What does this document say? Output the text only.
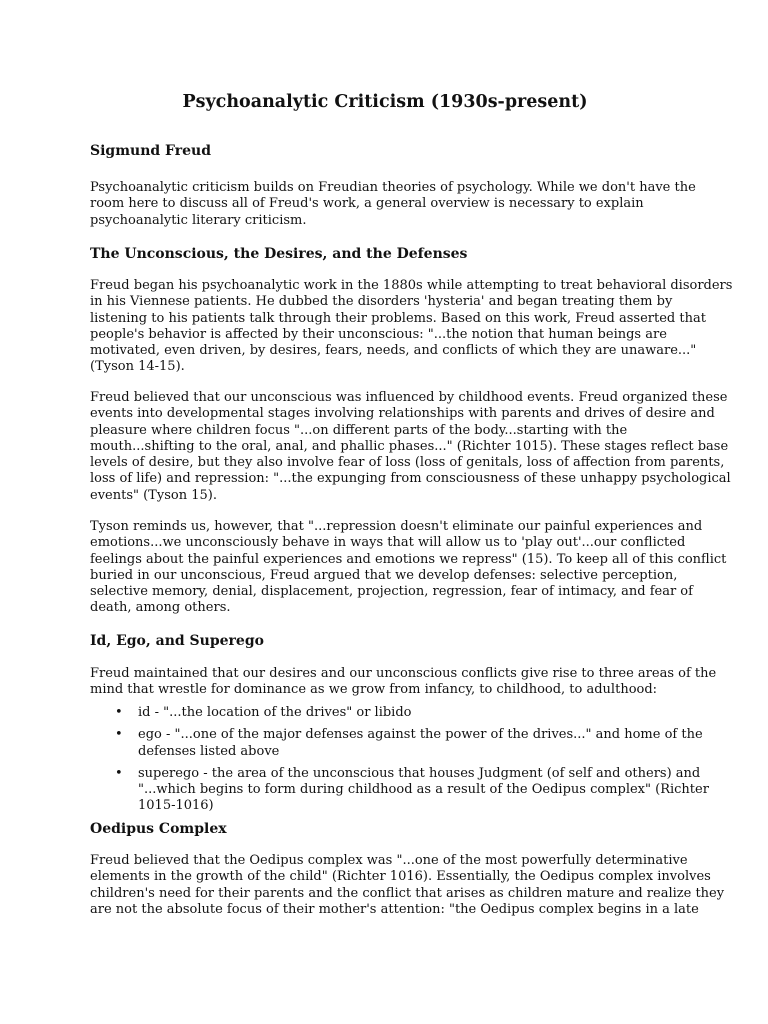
Psychoanalytic Criticism (1930s-present)
Sigmund Freud

Psychoanalytic criticism builds on Freudian theories of psychology. While we don't have the
room here to discuss all of Freud's work, a general overview is necessary to explain
psychoanalytic literary criticism.

The Unconscious, the Desires, and the Defenses

Freud began his psychoanalytic work in the 1880s while attempting to treat behavioral disorders
in his Viennese patients. He dubbed the disorders 'hysteria' and began treating them by
listening to his patients talk through their problems. Based on this work, Freud asserted that
people's behavior is affected by their unconscious: "...the notion that human beings are
motivated, even driven, by desires, fears, needs, and conflicts of which they are unaware..."
(Tyson 14-15).

Freud believed that our unconscious was influenced by childhood events. Freud organized these
events into developmental stages involving relationships with parents and drives of desire and
pleasure where children focus "...on different parts of the body...starting with the
mouth...shifting to the oral, anal, and phallic phases..." (Richter 1015). These stages reflect base
levels of desire, but they also involve fear of loss (loss of genitals, loss of affection from parents,
loss of life) and repression: "...the expunging from consciousness of these unhappy psychological
events" (Tyson 15).

Tyson reminds us, however, that "...repression doesn't eliminate our painful experiences and
emotions...we unconsciously behave in ways that will allow us to 'play out'...our conflicted
feelings about the painful experiences and emotions we repress" (15). To keep all of this conflict
buried in our unconscious, Freud argued that we develop defenses: selective perception,
selective memory, denial, displacement, projection, regression, fear of intimacy, and fear of
death, among others.

Id, Ego, and Superego

Freud maintained that our desires and our unconscious conflicts give rise to three areas of the
mind that wrestle for dominance as we grow from infancy, to childhood, to adulthood:

• id - "...the location of the drives" or libido
• ego - "...one of the major defenses against the power of the drives..." and home of the
defenses listed above
• superego - the area of the unconscious that houses Judgment (of self and others) and
"...which begins to form during childhood as a result of the Oedipus complex" (Richter
1015-1016)
Oedipus Complex

Freud believed that the Oedipus complex was "...one of the most powerfully determinative
elements in the growth of the child" (Richter 1016). Essentially, the Oedipus complex involves
children's need for their parents and the conflict that arises as children mature and realize they
are not the absolute focus of their mother's attention: "the Oedipus complex begins in a late
